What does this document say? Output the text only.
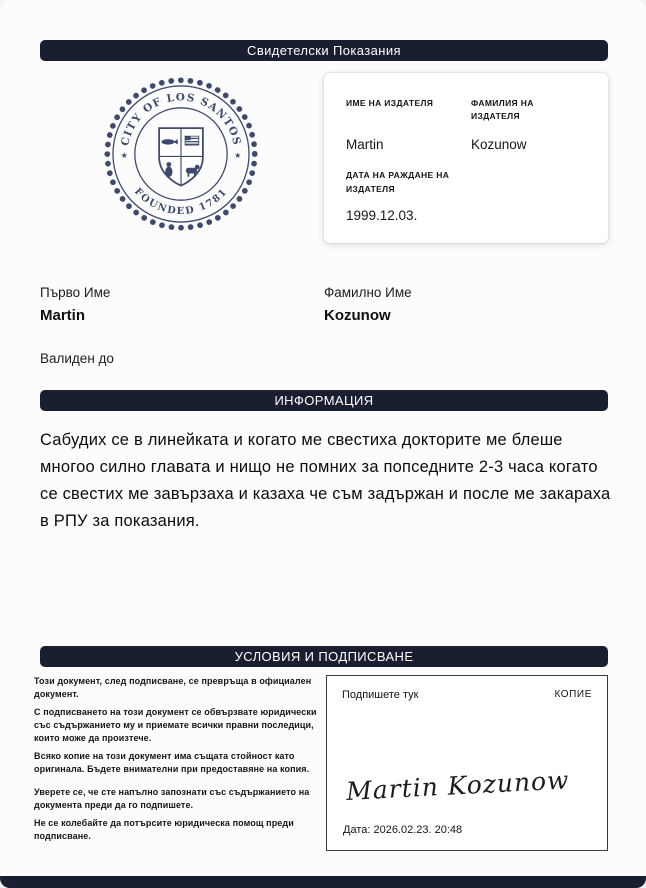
Свидетелски Показания
CITY OF LOS SANTOS
FOUNDED 1781
★	★
ИМЕ НА ИЗДАТЕЛЯ	ФАМИЛИЯ НА ИЗДАТЕЛЯ
Martin	Kozunow
ДАТА НА РАЖДАНЕ НА ИЗДАТЕЛЯ
1999.12.03.
Първо Име
Martin
Фамилно Име
Kozunow
Валиден до
ИНФОРМАЦИЯ

Сабудих се в линейката и когато ме свестиха докторите ме блеше многоо силно главата и нищо не помних за попседните 2-3 часа когато се свестих ме завързаха и казаха че съм задържан и после ме закараха в РПУ за показания.

УСЛОВИЯ И ПОДПИСВАНЕ

Този документ, след подписване, се превръща в официален документ.

С подписването на този документ се обвързвате юридически със съдържанието му и приемате всички правни последици, които може да произтече.

Всяко копие на този документ има същата стойност като оригинала. Бъдете внимателни при предоставяне на копия.

Уверете се, че сте напълно запознати със съдържанието на документа преди да го подпишете.

Не се колебайте да потърсите юридическа помощ преди подписване.

Подпишете тук	КОПИЕ
Martin Kozunow
Дата: 2026.02.23. 20:48
